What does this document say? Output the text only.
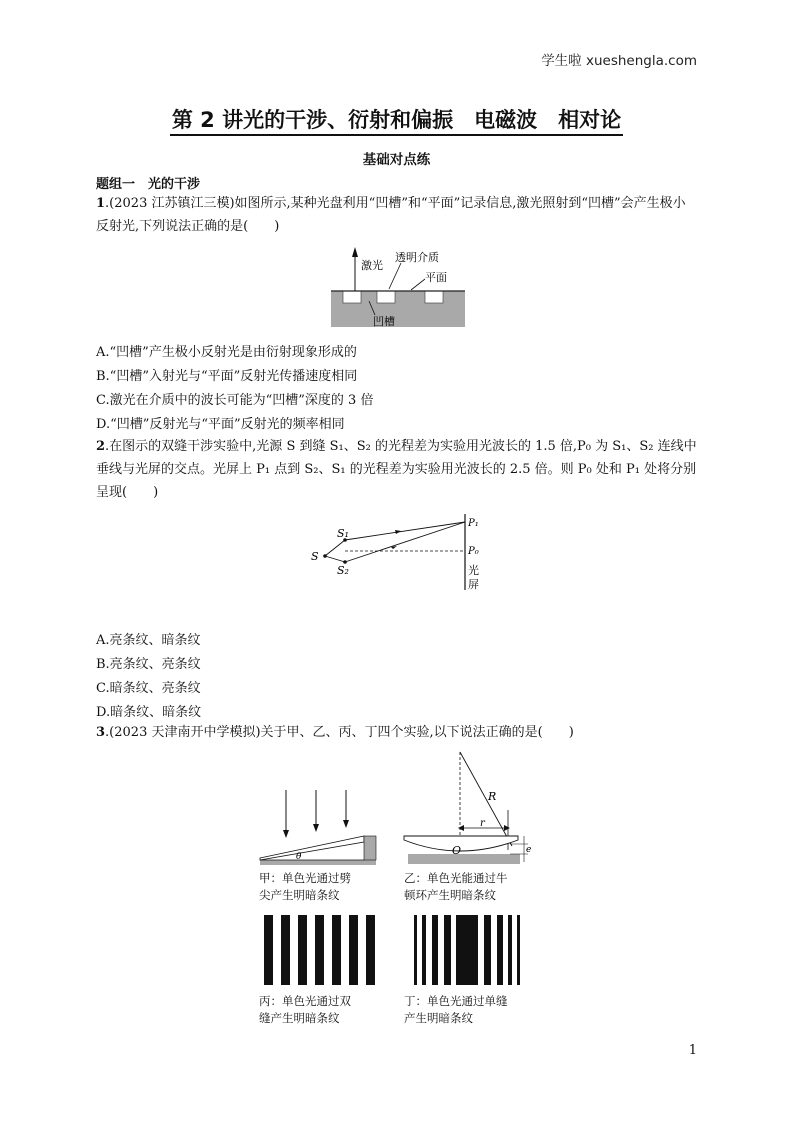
学生啦 xueshengla.com
第 2 讲光的干涉、衍射和偏振　电磁波　相对论
基础对点练
题组一　光的干涉
1.(2023 江苏镇江三模)如图所示,某种光盘利用“凹槽”和“平面”记录信息,激光照射到“凹槽”会产生极小反射光,下列说法正确的是(　　)
激光
透明介质
平面
凹槽
A.“凹槽”产生极小反射光是由衍射现象形成的
B.“凹槽”入射光与“平面”反射光传播速度相同
C.激光在介质中的波长可能为“凹槽”深度的 3 倍
D.“凹槽”反射光与“平面”反射光的频率相同
2.在图示的双缝干涉实验中,光源 S 到缝 S₁、S₂ 的光程差为实验用光波长的 1.5 倍,P₀ 为 S₁、S₂ 连线中垂线与光屏的交点。光屏上 P₁ 点到 S₂、S₁ 的光程差为实验用光波长的 2.5 倍。则 P₀ 处和 P₁ 处将分别呈现(　　)
S
S₁
S₂
P₁
P₀
光
屏
A.亮条纹、暗条纹
B.亮条纹、亮条纹
C.暗条纹、亮条纹
D.暗条纹、暗条纹
3.(2023 天津南开中学模拟)关于甲、乙、丙、丁四个实验,以下说法正确的是(　　)
θ
甲：单色光通过劈
尖产生明暗条纹
R
r
O	e
乙：单色光能通过牛
顿环产生明暗条纹
丙：单色光通过双
缝产生明暗条纹
丁：单色光通过单缝
产生明暗条纹
1
